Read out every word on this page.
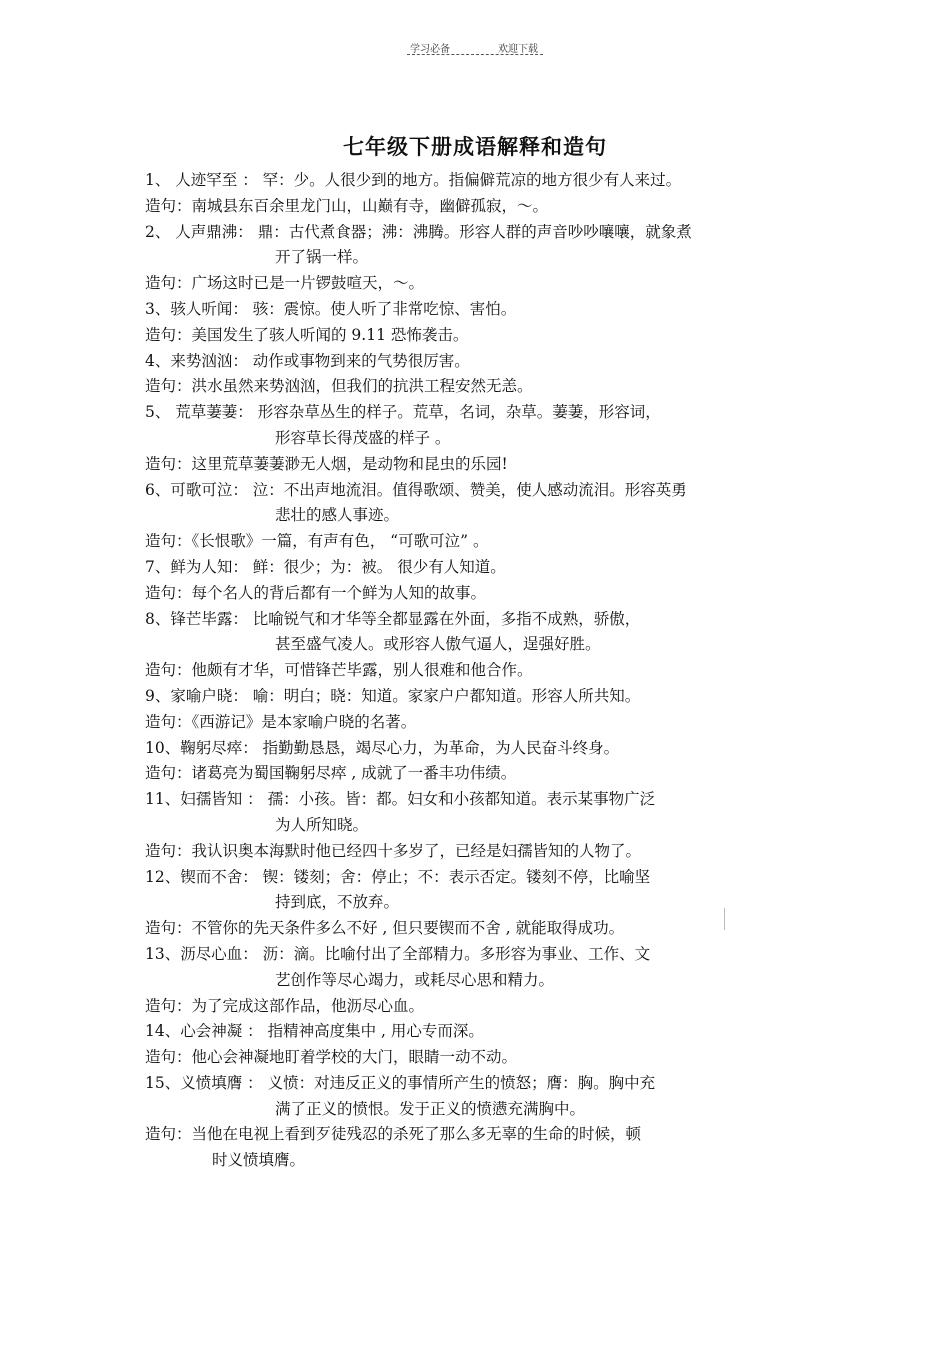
学习必备	欢迎下载
七年级下册成语解释和造句
1、 人迹罕至 ： 罕：少。人很少到的地方。指偏僻荒凉的地方很少有人来过。
造句：南城县东百余里龙门山，山巅有寺，幽僻孤寂，～。
2、 人声鼎沸： 鼎：古代煮食器；沸：沸腾。形容人群的声音吵吵嚷嚷，就象煮
开了锅一样。
造句：广场这时已是一片锣鼓喧天，～。
3、骇人听闻： 骇：震惊。使人听了非常吃惊、害怕。
造句：美国发生了骇人听闻的 9.11 恐怖袭击。
4、来势汹汹： 动作或事物到来的气势很厉害。
造句：洪水虽然来势汹汹，但我们的抗洪工程安然无恙。
5、 荒草萋萋： 形容杂草丛生的样子。荒草，名词，杂草。萋萋，形容词，
形容草长得茂盛的样子 。
造句：这里荒草萋萋渺无人烟，是动物和昆虫的乐园!
6、可歌可泣： 泣：不出声地流泪。值得歌颂、赞美，使人感动流泪。形容英勇
悲壮的感人事迹。
造句：《长恨歌》一篇，有声有色， “可歌可泣” 。
7、鲜为人知： 鲜：很少；为：被。 很少有人知道。
造句：每个名人的背后都有一个鲜为人知的故事。
8、锋芒毕露： 比喻锐气和才华等全都显露在外面，多指不成熟，骄傲，
甚至盛气凌人。或形容人傲气逼人，逞强好胜。
造句：他颇有才华，可惜锋芒毕露，别人很难和他合作。
9、家喻户晓： 喻：明白；晓：知道。家家户户都知道。形容人所共知。
造句：《西游记》是本家喻户晓的名著。
10、鞠躬尽瘁： 指勤勤恳恳，竭尽心力，为革命，为人民奋斗终身。
造句：诸葛亮为蜀国鞠躬尽瘁 , 成就了一番丰功伟绩。
11、妇孺皆知 ： 孺：小孩。皆：都。妇女和小孩都知道。表示某事物广泛
为人所知晓。
造句：我认识奥本海默时他已经四十多岁了，已经是妇孺皆知的人物了。
12、锲而不舍： 锲：镂刻；舍：停止；不：表示否定。镂刻不停，比喻坚
持到底，不放弃。
造句：不管你的先天条件多么不好 , 但只要锲而不舍 , 就能取得成功。
13、沥尽心血： 沥：滴。比喻付出了全部精力。多形容为事业、工作、文
艺创作等尽心竭力，或耗尽心思和精力。
造句：为了完成这部作品，他沥尽心血。
14、心会神凝 ： 指精神高度集中 , 用心专而深。
造句：他心会神凝地盯着学校的大门，眼睛一动不动。
15、义愤填膺 ： 义愤：对违反正义的事情所产生的愤怒；膺：胸。胸中充
满了正义的愤恨。发于正义的愤懑充满胸中。
造句：当他在电视上看到歹徒残忍的杀死了那么多无辜的生命的时候，顿
时义愤填膺。
